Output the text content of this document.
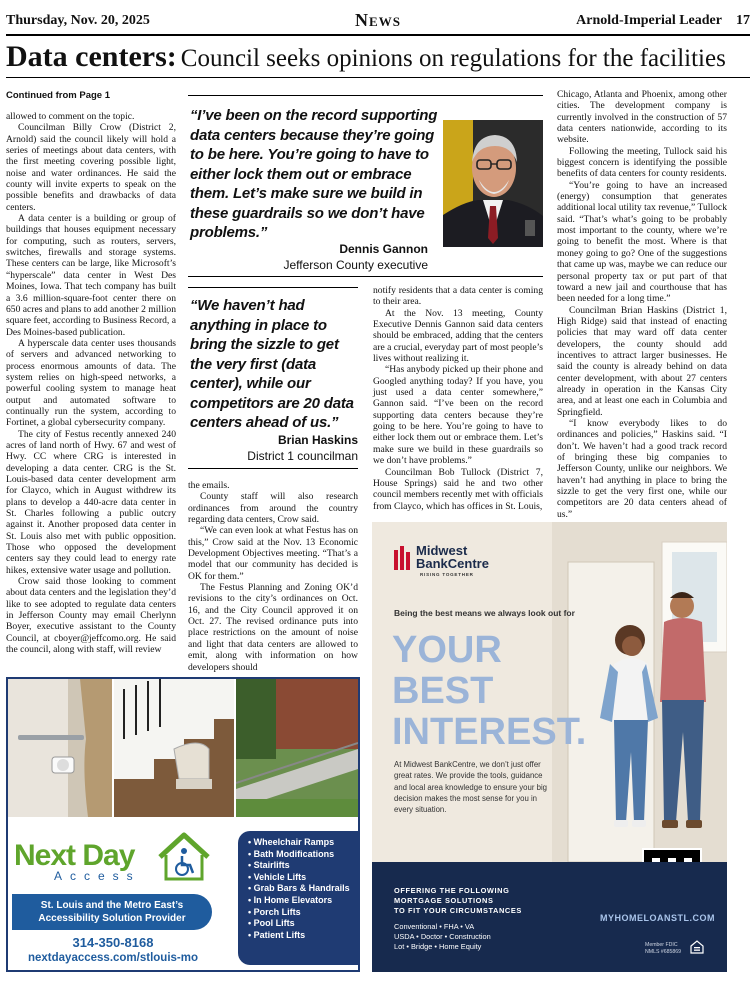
Thursday, Nov. 20, 2025	News	Arnold-Imperial Leader 17
Data centers: Council seeks opinions on regulations for the facilities
Continued from Page 1

allowed to comment on the topic.

Councilman Billy Crow (District 2, Arnold) said the council likely will hold a series of meetings about data centers, with the first meeting covering possible light, noise and water ordinances. He said the county will invite experts to speak on the possible benefits and drawbacks of data centers.

A data center is a building or group of buildings that houses equipment necessary for computing, such as routers, servers, switches, firewalls and storage systems. These centers can be large, like Microsoft’s “hyperscale” data center in West Des Moines, Iowa. That tech company has built a 3.6 million-square-foot center there on 650 acres and plans to add another 2 million square feet, according to Business Record, a Des Moines-based publication.

A hyperscale data center uses thousands of servers and advanced networking to process enormous amounts of data. The system relies on high-speed networks, a powerful cooling system to manage heat output and automated software to continually run the system, according to Fortinet, a global cybersecurity company.

The city of Festus recently annexed 240 acres of land north of Hwy. 67 and west of Hwy. CC where CRG is interested in developing a data center. CRG is the St. Louis-based data center development arm for Clayco, which in August withdrew its plans to develop a 440-acre data center in St. Charles following a public outcry against it. Another proposed data center in St. Louis also met with public opposition. Those who opposed the development centers say they could lead to energy rate hikes, extensive water usage and pollution.

Crow said those looking to comment about data centers and the legislation they’d like to see adopted to regulate data centers in Jefferson County may email Cherlynn Boyer, executive assistant to the County Council, at cboyer@jeffcomo.org. He said the council, along with staff, will review

“I’ve been on the record supporting data centers because they’re going to be here. You’re going to have to either lock them out or embrace them. Let’s make sure we build in these guardrails so we don’t have problems.”
Dennis Gannon
Jefferson County executive
“We haven’t had anything in place to bring the sizzle to get the very first (data center), while our competitors are 20 data centers ahead of us.”
Brian Haskins
District 1 councilman

the emails.

County staff will also research ordinances from around the country regarding data centers, Crow said.

“We can even look at what Festus has on this,” Crow said at the Nov. 13 Economic Development Objectives meeting. “That’s a model that our community has decided is OK for them.”

The Festus Planning and Zoning OK’d revisions to the city’s ordinances on Oct. 16, and the City Council approved it on Oct. 27. The revised ordinance puts into place restrictions on the amount of noise and light that data centers are allowed to emit, along with information on how developers should

notify residents that a data center is coming to their area.

At the Nov. 13 meeting, County Executive Dennis Gannon said data centers should be embraced, adding that the centers are a crucial, everyday part of most people’s lives without realizing it.

“Has anybody picked up their phone and Googled anything today? If you have, you just used a data center somewhere,” Gannon said. “I’ve been on the record supporting data centers because they’re going to be here. You’re going to have to either lock them out or embrace them. Let’s make sure we build in these guardrails so we don’t have problems.”

Councilman Bob Tullock (District 7, House Springs) said he and two other council members recently met with officials from Clayco, which has offices in St. Louis,

Chicago, Atlanta and Phoenix, among other cities. The development company is currently involved in the construction of 57 data centers nationwide, according to its website.

Following the meeting, Tullock said his biggest concern is identifying the possible benefits of data centers for county residents.

“You’re going to have an increased (energy) consumption that generates additional local utility tax revenue,” Tullock said. “That’s what’s going to be probably most important to the county, where we’re going to benefit the most. Where is that money going to go? One of the suggestions that came up was, maybe we can reduce our personal property tax or put part of that toward a new jail and courthouse that has been needed for a long time.”

Councilman Brian Haskins (District 1, High Ridge) said that instead of enacting policies that may ward off data center developers, the county should add incentives to attract larger businesses. He said the county is already behind on data center development, with about 27 centers already in operation in the Kansas City area, and at least one each in Columbia and Springfield.

“I know everybody likes to do ordinances and policies,” Haskins said. “I don’t. We haven’t had a good track record of bringing these big companies to Jefferson County, unlike our neighbors. We haven’t had anything in place to bring the sizzle to get the very first one, while our competitors are 20 data centers ahead of us.”

Next Day
Access
St. Louis and the Metro East’s Accessibility Solution Provider
314-350-8168
nextdayaccess.com/stlouis-mo
• Wheelchair Ramps
• Bath Modifications
• Stairlifts
• Vehicle Lifts
• Grab Bars & Handrails
• In Home Elevators
• Porch Lifts
• Pool Lifts
• Patient Lifts
Midwest
BankCentre
RISING TOGETHER
Being the best means we always look out for
YOUR
BEST
INTEREST.
At Midwest BankCentre, we don’t just offer great rates. We provide the tools, guidance and local area knowledge to ensure your big decision makes the most sense for you in every situation.
OFFERING THE FOLLOWING
MORTGAGE SOLUTIONS
TO FIT YOUR CIRCUMSTANCES
Conventional • FHA • VA
USDA • Doctor • Construction
Lot • Bridge • Home Equity
MYHOMELOANSTL.COM
Member FDIC
NMLS #685869
